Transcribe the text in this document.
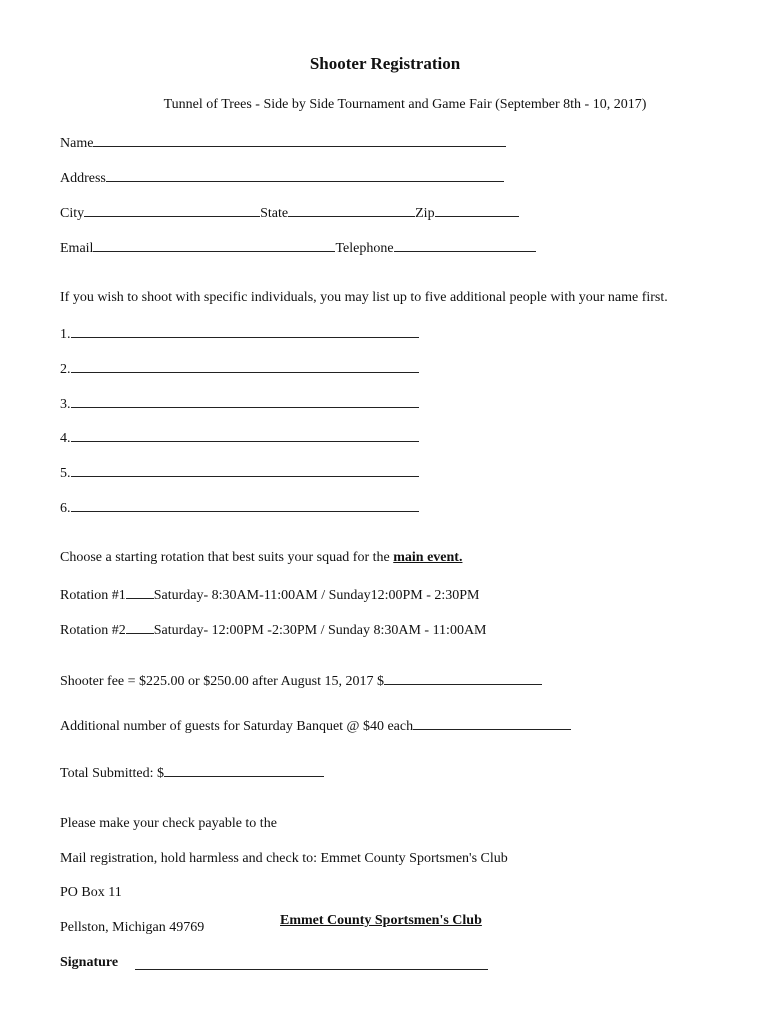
Shooter Registration
Tunnel of Trees - Side by Side Tournament and Game Fair (September 8th - 10, 2017)
Name
Address
City	State	Zip
Email	Telephone
If you wish to shoot with specific individuals, you may list up to five additional people with your name first.
1.
2.
3.
4.
5.
6.
Choose a starting rotation that best suits your squad for the main event.
Rotation #1 Saturday- 8:30AM-11:00AM / Sunday12:00PM - 2:30PM
Rotation #2 Saturday- 12:00PM -2:30PM / Sunday 8:30AM - 11:00AM
Shooter fee = $225.00 or $250.00 after August 15, 2017 $
Additional number of guests for Saturday Banquet @ $40 each
Total Submitted: $
Please make your check payable to the
Mail registration, hold harmless and check to: Emmet County Sportsmen's Club
PO Box 11
Pellston, Michigan 49769	Emmet County Sportsmen's Club
Signature
